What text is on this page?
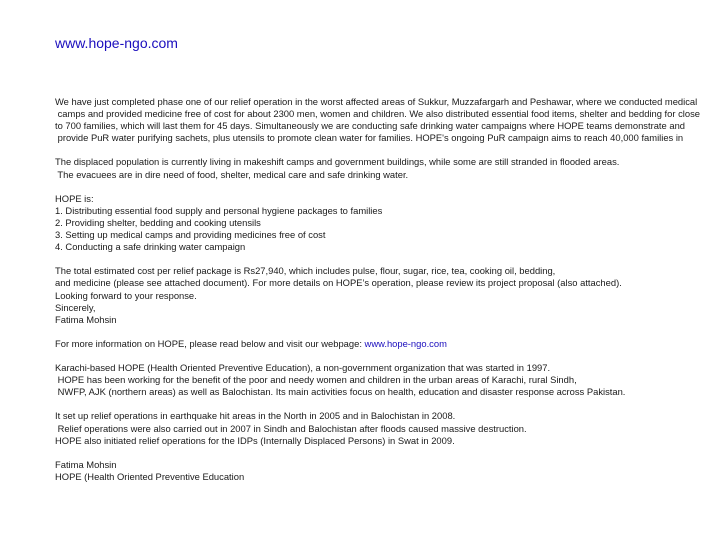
www.hope-ngo.com
We have just completed phase one of our relief operation in the worst affected areas of Sukkur, Muzzafargarh and Peshawar, where we conducted medical
camps and provided medicine free of cost for about 2300 men, women and children. We also distributed essential food items, shelter and bedding for close
to 700 families, which will last them for 45 days. Simultaneously we are conducting safe drinking water campaigns where HOPE teams demonstrate and
provide PuR water purifying sachets, plus utensils to promote clean water for families. HOPE's ongoing PuR campaign aims to reach 40,000 families in
The displaced population is currently living in makeshift camps and government buildings, while some are still stranded in flooded areas.
The evacuees are in dire need of food, shelter, medical care and safe drinking water.
HOPE is:
1. Distributing essential food supply and personal hygiene packages to families
2. Providing shelter, bedding and cooking utensils
3. Setting up medical camps and providing medicines free of cost
4. Conducting a safe drinking water campaign
The total estimated cost per relief package is Rs27,940, which includes pulse, flour, sugar, rice, tea, cooking oil, bedding,
and medicine (please see attached document). For more details on HOPE’s operation, please review its project proposal (also attached).
Looking forward to your response.
Sincerely,
Fatima Mohsin
For more information on HOPE, please read below and visit our webpage: www.hope-ngo.com
Karachi-based HOPE (Health Oriented Preventive Education), a non-government organization that was started in 1997.
HOPE has been working for the benefit of the poor and needy women and children in the urban areas of Karachi, rural Sindh,
NWFP, AJK (northern areas) as well as Balochistan. Its main activities focus on health, education and disaster response across Pakistan.
It set up relief operations in earthquake hit areas in the North in 2005 and in Balochistan in 2008.
Relief operations were also carried out in 2007 in Sindh and Balochistan after floods caused massive destruction.
HOPE also initiated relief operations for the IDPs (Internally Displaced Persons) in Swat in 2009.
Fatima Mohsin
HOPE (Health Oriented Preventive Education
